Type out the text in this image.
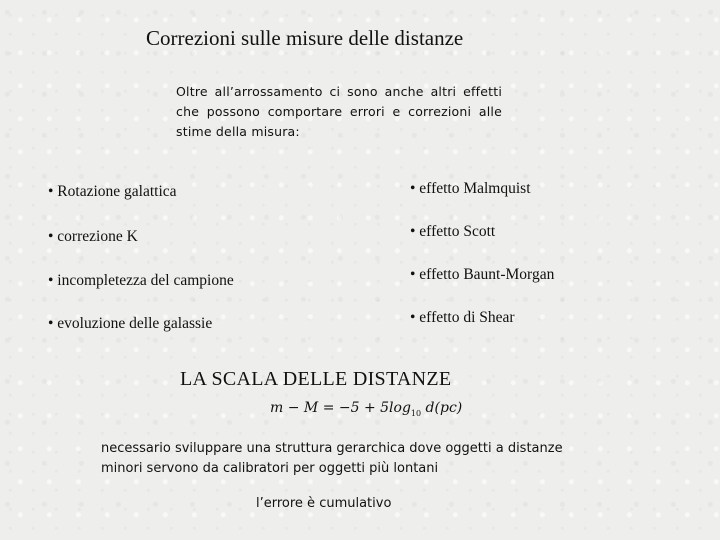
Correzioni sulle misure delle distanze
Oltre all’arrossamento ci sono anche altri effetti che possono comportare errori e correzioni alle stime della misura:
• Rotazione galattica
• correzione K
• incompletezza del campione
• evoluzione delle galassie
• effetto Malmquist
• effetto Scott
• effetto Baunt-Morgan
• effetto di Shear
LA SCALA DELLE DISTANZE
$m - M = -5 + 5\log_{10}$ d(pc)
necessario sviluppare una struttura gerarchica dove oggetti a distanze minori servono da calibratori per oggetti più lontani
l’errore è cumulativo
